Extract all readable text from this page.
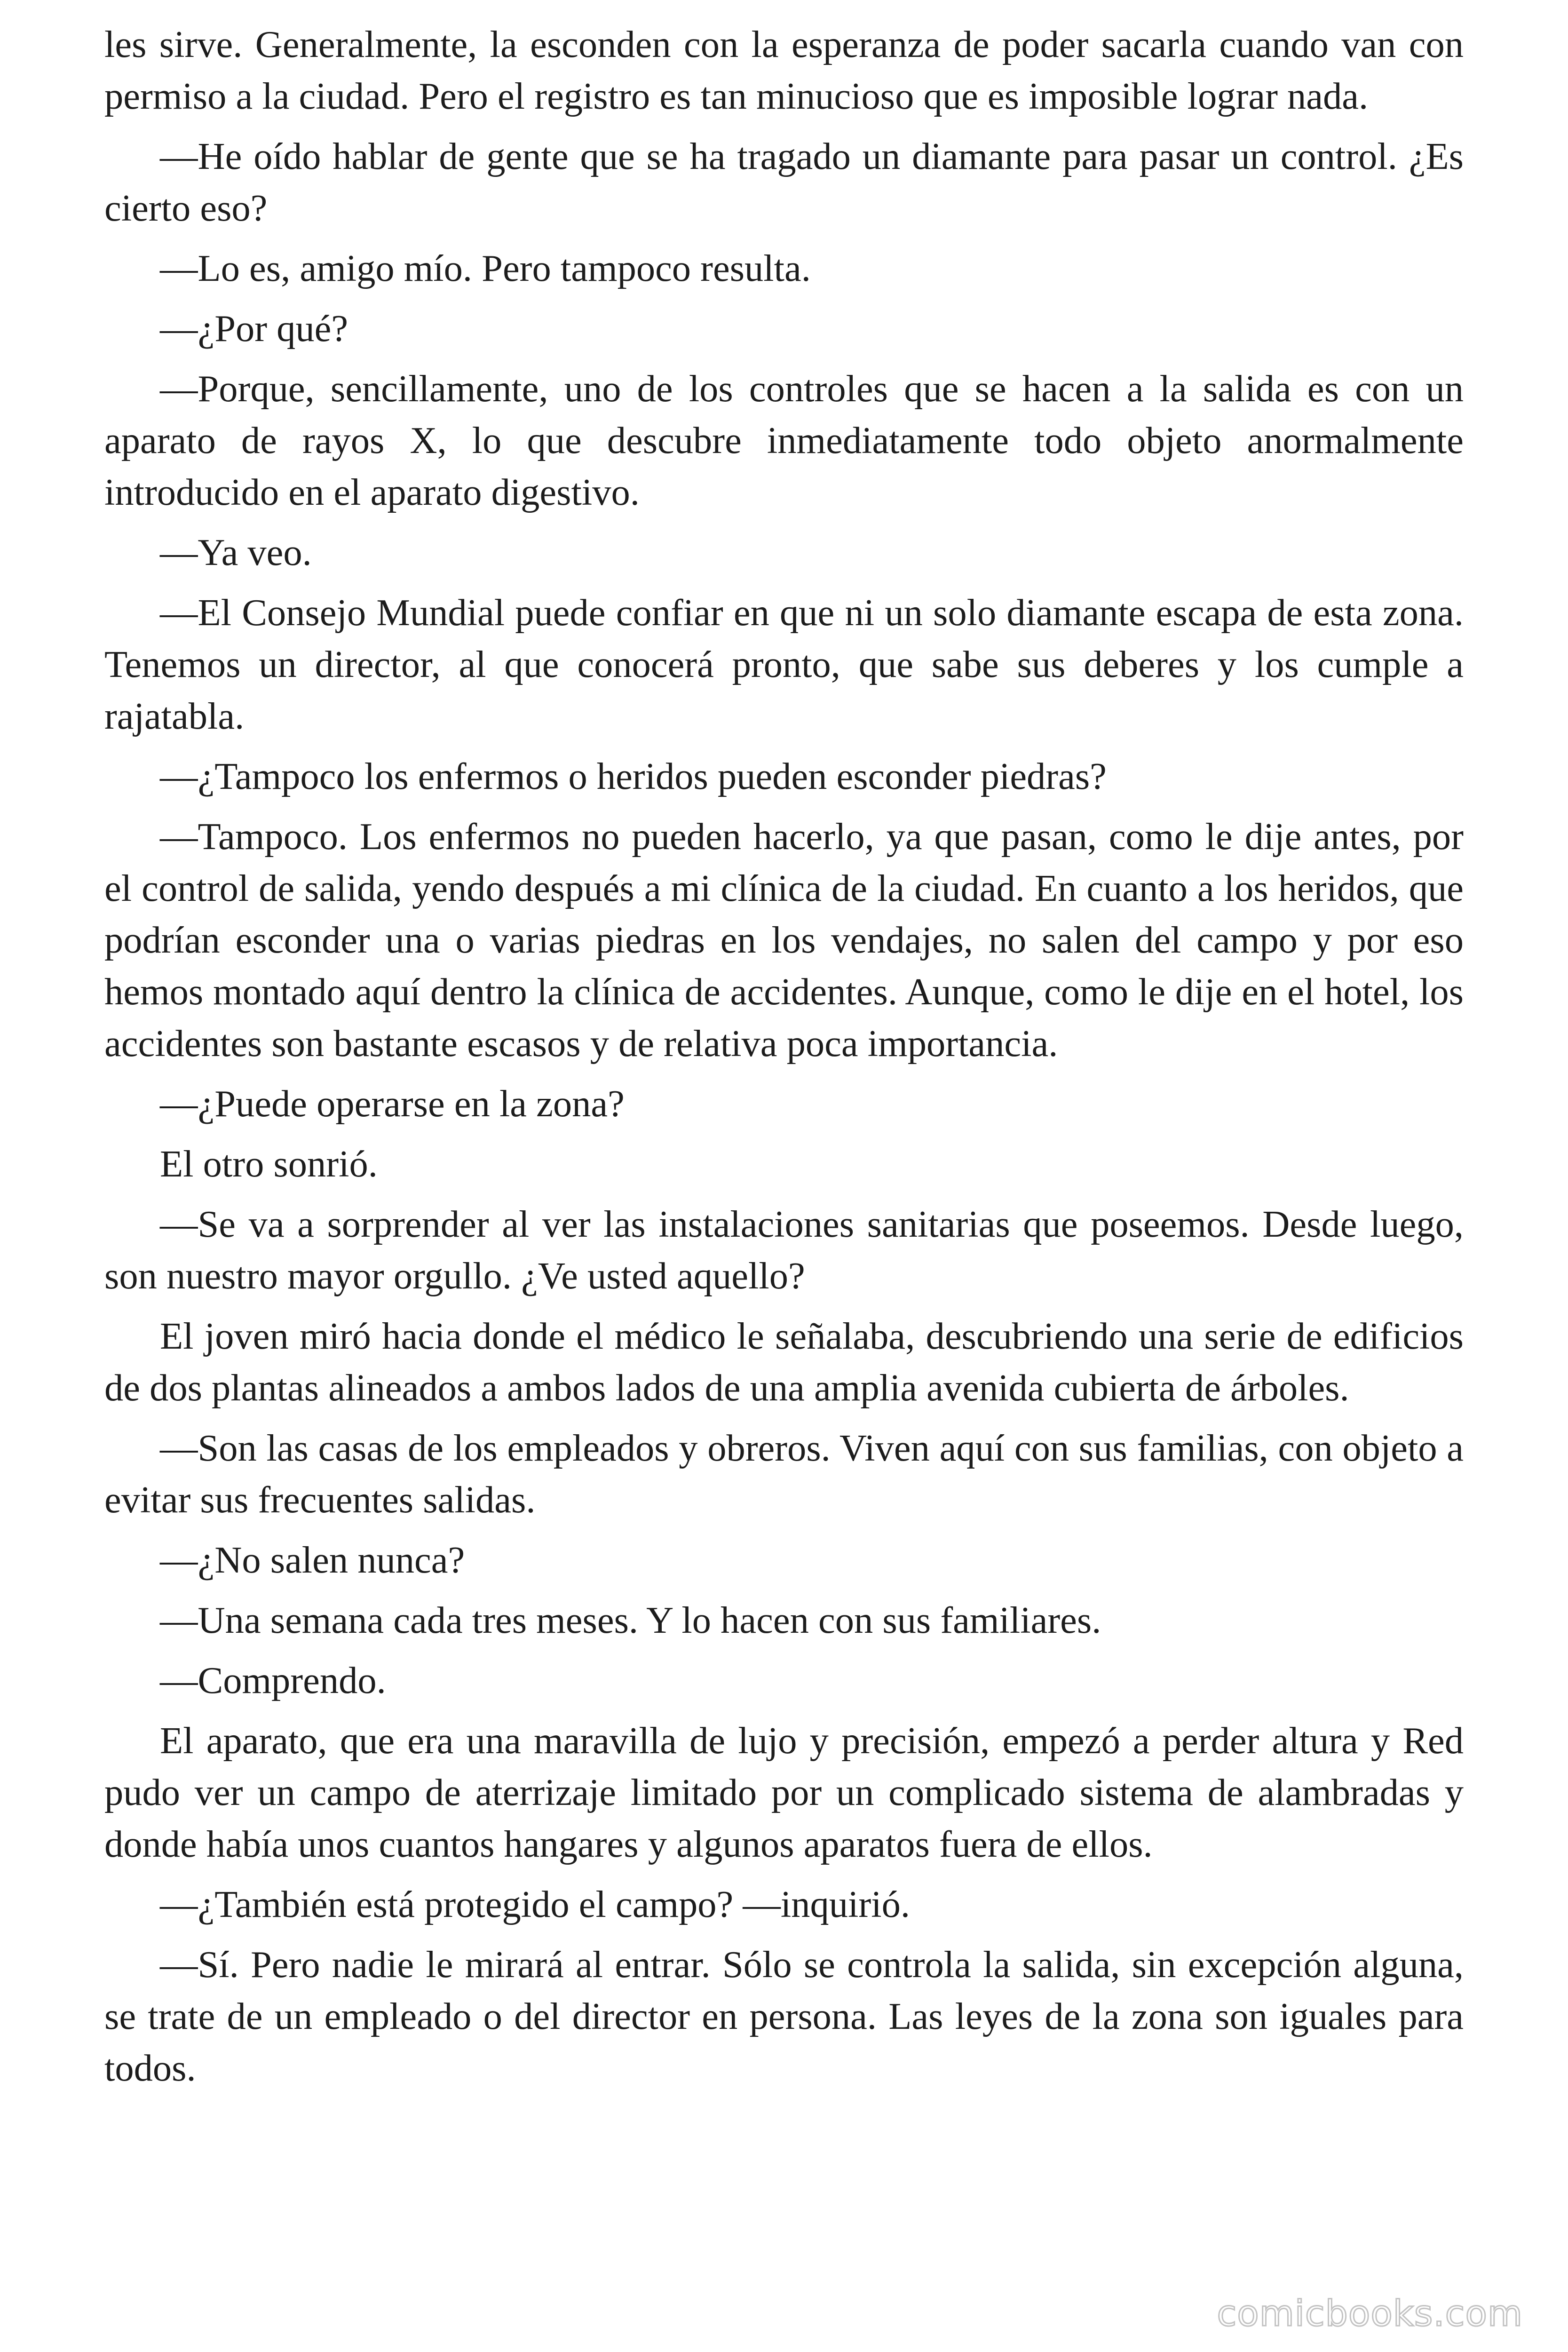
les sirve. Generalmente, la esconden con la esperanza de poder sacarla cuando van con permiso a la ciudad. Pero el registro es tan minucioso que es imposible lograr nada.

—He oído hablar de gente que se ha tragado un diamante para pasar un control. ¿Es cierto eso?

—Lo es, amigo mío. Pero tampoco resulta.

—¿Por qué?

—Porque, sencillamente, uno de los controles que se hacen a la salida es con un aparato de rayos X, lo que descubre inmediatamente todo objeto anormalmente introducido en el aparato digestivo.

—Ya veo.

—El Consejo Mundial puede confiar en que ni un solo diamante escapa de esta zona. Tenemos un director, al que conocerá pronto, que sabe sus deberes y los cumple a rajatabla.

—¿Tampoco los enfermos o heridos pueden esconder piedras?

—Tampoco. Los enfermos no pueden hacerlo, ya que pasan, como le dije antes, por el control de salida, yendo después a mi clínica de la ciudad. En cuanto a los heridos, que podrían esconder una o varias piedras en los vendajes, no salen del campo y por eso hemos montado aquí dentro la clínica de accidentes. Aunque, como le dije en el hotel, los accidentes son bastante escasos y de relativa poca importancia.

—¿Puede operarse en la zona?

El otro sonrió.

—Se va a sorprender al ver las instalaciones sanitarias que poseemos. Desde luego, son nuestro mayor orgullo. ¿Ve usted aquello?

El joven miró hacia donde el médico le señalaba, descubriendo una serie de edificios de dos plantas alineados a ambos lados de una amplia avenida cubierta de árboles.

—Son las casas de los empleados y obreros. Viven aquí con sus familias, con objeto a evitar sus frecuentes salidas.

—¿No salen nunca?

—Una semana cada tres meses. Y lo hacen con sus familiares.

—Comprendo.

El aparato, que era una maravilla de lujo y precisión, empezó a perder altura y Red pudo ver un campo de aterrizaje limitado por un complicado sistema de alambradas y donde había unos cuantos hangares y algunos aparatos fuera de ellos.

—¿También está protegido el campo? —inquirió.

—Sí. Pero nadie le mirará al entrar. Sólo se controla la salida, sin excepción alguna, se trate de un empleado o del director en persona. Las leyes de la zona son iguales para todos.

comicbooks.com
